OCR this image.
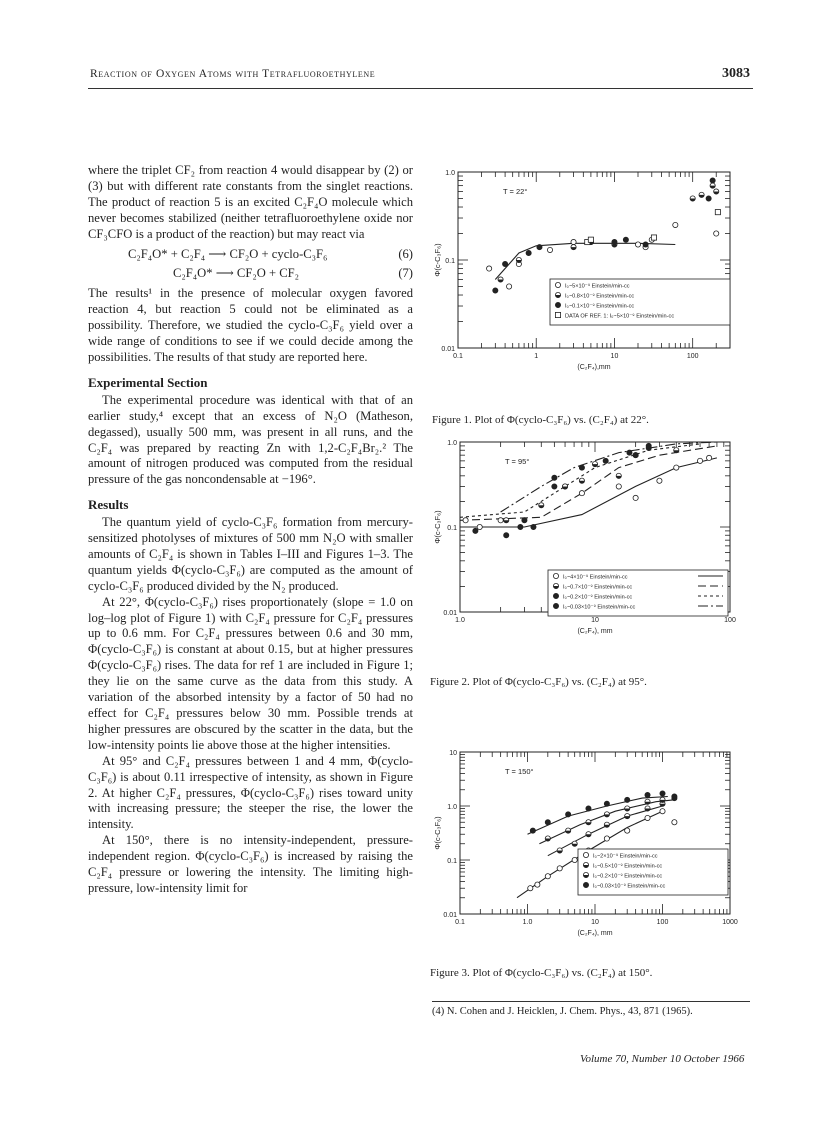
Reaction of Oxygen Atoms with Tetrafluoroethylene	3083

where the triplet CF₂ from reaction 4 would disappear by (2) or (3) but with different rate constants from the singlet reactions. The product of reaction 5 is an excited C₂F₄O molecule which never becomes stabilized (neither tetrafluoroethylene oxide nor CF₃CFO is a product of the reaction) but may react via

C₂F₄O* + C₂F₄ ⟶ CF₂O + cyclo-C₃F₆	(6)
C₂F₄O* ⟶ CF₂O + CF₂	(7)

The results¹ in the presence of molecular oxygen favored reaction 4, but reaction 5 could not be eliminated as a possibility. Therefore, we studied the cyclo-C₃F₆ yield over a wide range of conditions to see if we could decide among the possibilities. The results of that study are reported here.

Experimental Section

The experimental procedure was identical with that of an earlier study,⁴ except that an excess of N₂O (Matheson, degassed), usually 500 mm, was present in all runs, and the C₂F₄ was prepared by reacting Zn with 1,2-C₂F₄Br₂.² The amount of nitrogen produced was computed from the residual pressure of the gas noncondensable at −196°.

Results

The quantum yield of cyclo-C₃F₆ formation from mercury-sensitized photolyses of mixtures of 500 mm N₂O with smaller amounts of C₂F₄ is shown in Tables I–III and Figures 1–3. The quantum yields Φ(cyclo-C₃F₆) are computed as the amount of cyclo-C₃F₆ produced divided by the N₂ produced.

At 22°, Φ(cyclo-C₃F₆) rises proportionately (slope = 1.0 on log–log plot of Figure 1) with C₂F₄ pressure for C₂F₄ pressures up to 0.6 mm. For C₂F₄ pressures between 0.6 and 30 mm, Φ(cyclo-C₃F₆) is constant at about 0.15, but at higher pressures Φ(cyclo-C₃F₆) rises. The data for ref 1 are included in Figure 1; they lie on the same curve as the data from this study. A variation of the absorbed intensity by a factor of 50 had no effect for C₂F₄ pressures below 30 mm. Possible trends at higher pressures are obscured by the scatter in the data, but the low-intensity points lie above those at the higher intensities.

At 95° and C₂F₄ pressures between 1 and 4 mm, Φ(cyclo-C₃F₆) is about 0.11 irrespective of intensity, as shown in Figure 2. At higher C₂F₄ pressures, Φ(cyclo-C₃F₆) rises toward unity with increasing pressure; the steeper the rise, the lower the intensity.

At 150°, there is no intensity-independent, pressure-independent region. Φ(cyclo-C₃F₆) is increased by raising the C₂F₄ pressure or lowering the intensity. The limiting high-pressure, low-intensity limit for

0.1	1	10	100
1.0
0.1
0.01
(C₂F₄),mm
Φ(c-C₃F₆)
T = 22°
I₀~5×10⁻⁹ Einstein/min-cc
I₀~0.8×10⁻⁹ Einstein/min-cc
I₀~0.1×10⁻⁹ Einstein/min-cc
DATA OF REF. 1: I₀~5×10⁻⁹ Einstein/min-cc
Figure 1. Plot of Φ(cyclo-C₃F₆) vs. (C₂F₄) at 22°.
1.0	10	100
1.0
0.1
0.01
(C₂F₄), mm
Φ(c-C₃F₆)
T = 95°
I₀~4×10⁻⁹ Einstein/min-cc
I₀~0.7×10⁻⁹ Einstein/min-cc
I₀~0.2×10⁻⁹ Einstein/min-cc
I₀~0.03×10⁻⁹ Einstein/min-cc
Figure 2. Plot of Φ(cyclo-C₃F₆) vs. (C₂F₄) at 95°.
0.1	1.0	10	100	1000
10
1.0
0.1
0.01
(C₂F₄), mm
Φ(c-C₃F₆)
T = 150°
I₀~2×10⁻⁹ Einstein/min-cc
I₀~0.5×10⁻⁹ Einstein/min-cc
I₀~0.2×10⁻⁹ Einstein/min-cc
I₀~0.03×10⁻⁹ Einstein/min-cc
Figure 3. Plot of Φ(cyclo-C₃F₆) vs. (C₂F₄) at 150°.
(4) N. Cohen and J. Heicklen, J. Chem. Phys., 43, 871 (1965).
Volume 70, Number 10 October 1966
